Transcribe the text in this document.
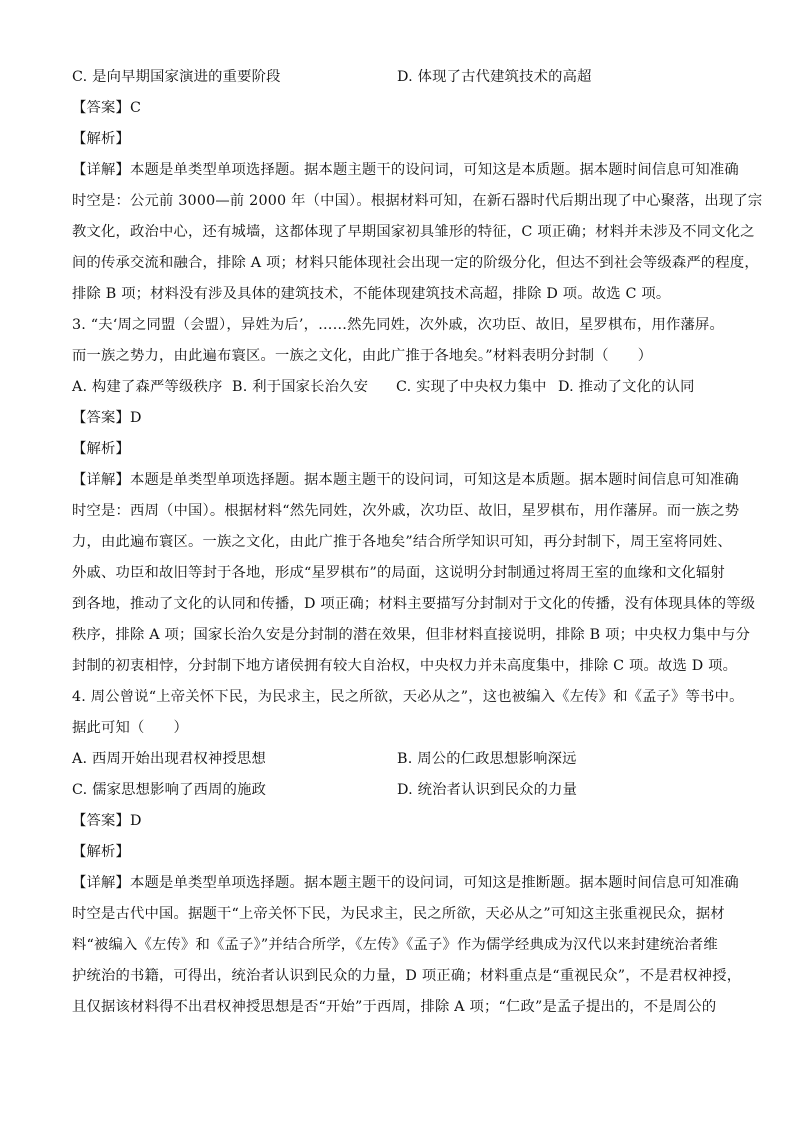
C. 是向早期国家演进的重要阶段	D. 体现了古代建筑技术的高超
【答案】C
【解析】
【详解】本题是单类型单项选择题。据本题主题干的设问词，可知这是本质题。据本题时间信息可知准确
时空是：公元前 3000—前 2000 年（中国）。根据材料可知，在新石器时代后期出现了中心聚落，出现了宗
教文化，政治中心，还有城墙，这都体现了早期国家初具雏形的特征，C 项正确；材料并未涉及不同文化之
间的传承交流和融合，排除 A 项；材料只能体现社会出现一定的阶级分化，但达不到社会等级森严的程度，
排除 B 项；材料没有涉及具体的建筑技术，不能体现建筑技术高超，排除 D 项。故选 C 项。
3. “夫‘周之同盟（会盟），异姓为后’，……然先同姓，次外戚，次功臣、故旧，星罗棋布，用作藩屏。
而一族之势力，由此遍布寰区。一族之文化，由此广推于各地矣。”材料表明分封制（　　）
A. 构建了森严等级秩序 B. 利于国家长治久安	C. 实现了中央权力集中 D. 推动了文化的认同
【答案】D
【解析】
【详解】本题是单类型单项选择题。据本题主题干的设问词，可知这是本质题。据本题时间信息可知准确
时空是：西周（中国）。根据材料“然先同姓，次外戚，次功臣、故旧，星罗棋布，用作藩屏。而一族之势
力，由此遍布寰区。一族之文化，由此广推于各地矣”结合所学知识可知，再分封制下，周王室将同姓、
外戚、功臣和故旧等封于各地，形成“星罗棋布”的局面，这说明分封制通过将周王室的血缘和文化辐射
到各地，推动了文化的认同和传播，D 项正确；材料主要描写分封制对于文化的传播，没有体现具体的等级
秩序，排除 A 项；国家长治久安是分封制的潜在效果，但非材料直接说明，排除 B 项；中央权力集中与分
封制的初衷相悖，分封制下地方诸侯拥有较大自治权，中央权力并未高度集中，排除 C 项。故选 D 项。
4. 周公曾说“上帝关怀下民，为民求主，民之所欲，天必从之”，这也被编入《左传》和《孟子》等书中。
据此可知（　　）
A. 西周开始出现君权神授思想	B. 周公的仁政思想影响深远
C. 儒家思想影响了西周的施政	D. 统治者认识到民众的力量
【答案】D
【解析】
【详解】本题是单类型单项选择题。据本题主题干的设问词，可知这是推断题。据本题时间信息可知准确
时空是古代中国。据题干“上帝关怀下民，为民求主，民之所欲，天必从之”可知这主张重视民众，据材
料“被编入《左传》和《孟子》”并结合所学，《左传》《孟子》作为儒学经典成为汉代以来封建统治者维
护统治的书籍，可得出，统治者认识到民众的力量，D 项正确；材料重点是“重视民众”，不是君权神授，
且仅据该材料得不出君权神授思想是否“开始”于西周，排除 A 项；“仁政”是孟子提出的，不是周公的
